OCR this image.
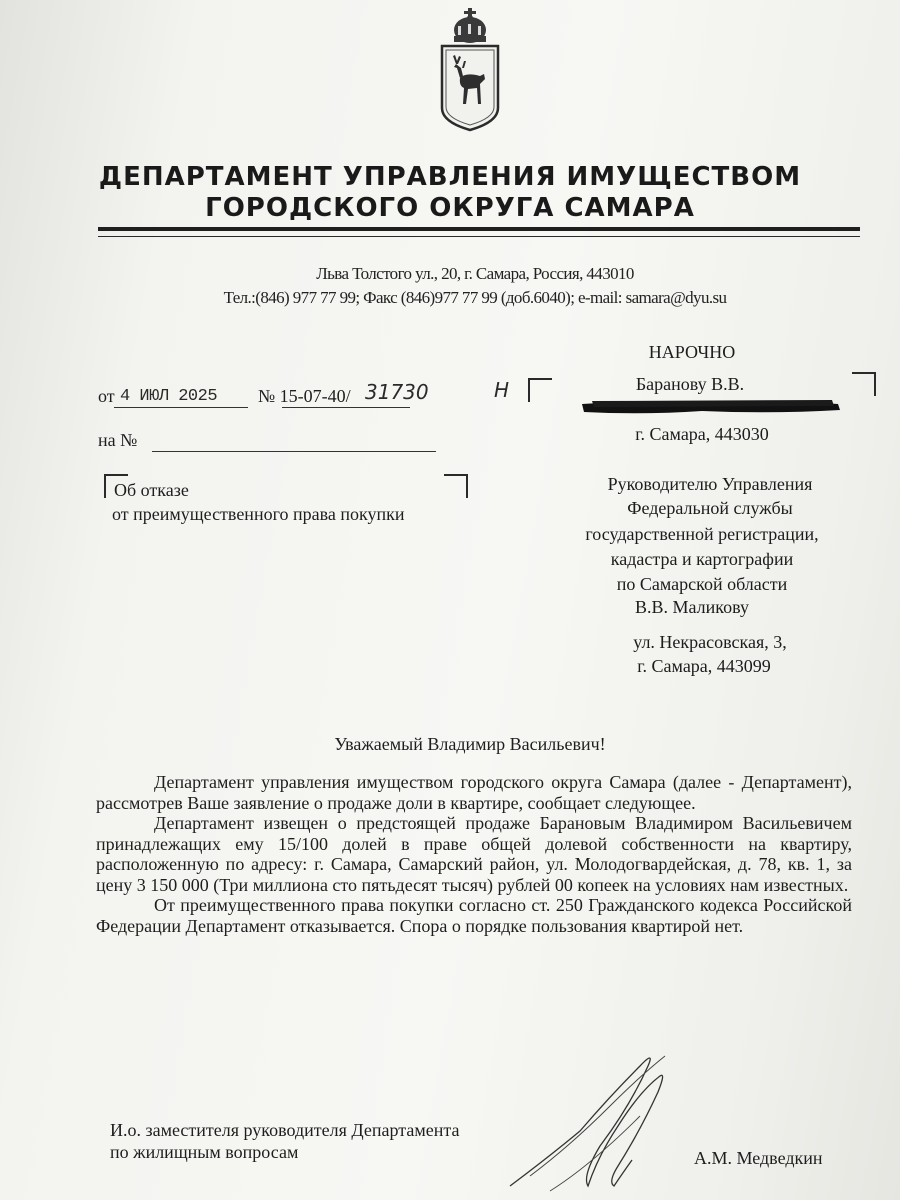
ДЕПАРТАМЕНТ УПРАВЛЕНИЯ ИМУЩЕСТВОМ
ГОРОДСКОГО ОКРУГА САМАРА
Льва Толстого ул., 20, г. Самара, Россия, 443010
Тел.:(846) 977 77 99; Факс (846)977 77 99 (доб.6040); e-mail: samara@dyu.su
от 4 ИЮЛ 2025 № 15-07-40/ 31730	Н
на №
Об отказе
от преимущественного права покупки
НАРОЧНО
Баранову В.В.
г. Самара, 443030
Руководителю Управления
Федеральной службы
государственной регистрации,
кадастра и картографии
по Самарской области
В.В. Маликову
ул. Некрасовская, 3,
г. Самара, 443099
Уважаемый Владимир Васильевич!

Департамент управления имуществом городского округа Самара (далее - Департамент), рассмотрев Ваше заявление о продаже доли в квартире, сообщает следующее.

Департамент извещен о предстоящей продаже Барановым Владимиром Васильевичем принадлежащих ему 15/100 долей в праве общей долевой собственности на квартиру, расположенную по адресу: г. Самара, Самарский район, ул. Молодогвардейская, д. 78, кв. 1, за цену 3 150 000 (Три миллиона сто пятьдесят тысяч) рублей 00 копеек на условиях нам известных.

От преимущественного права покупки согласно ст. 250 Гражданского кодекса Российской Федерации Департамент отказывается. Спора о порядке пользования квартирой нет.

И.о. заместителя руководителя Департамента
по жилищным вопросам	А.М. Медведкин
